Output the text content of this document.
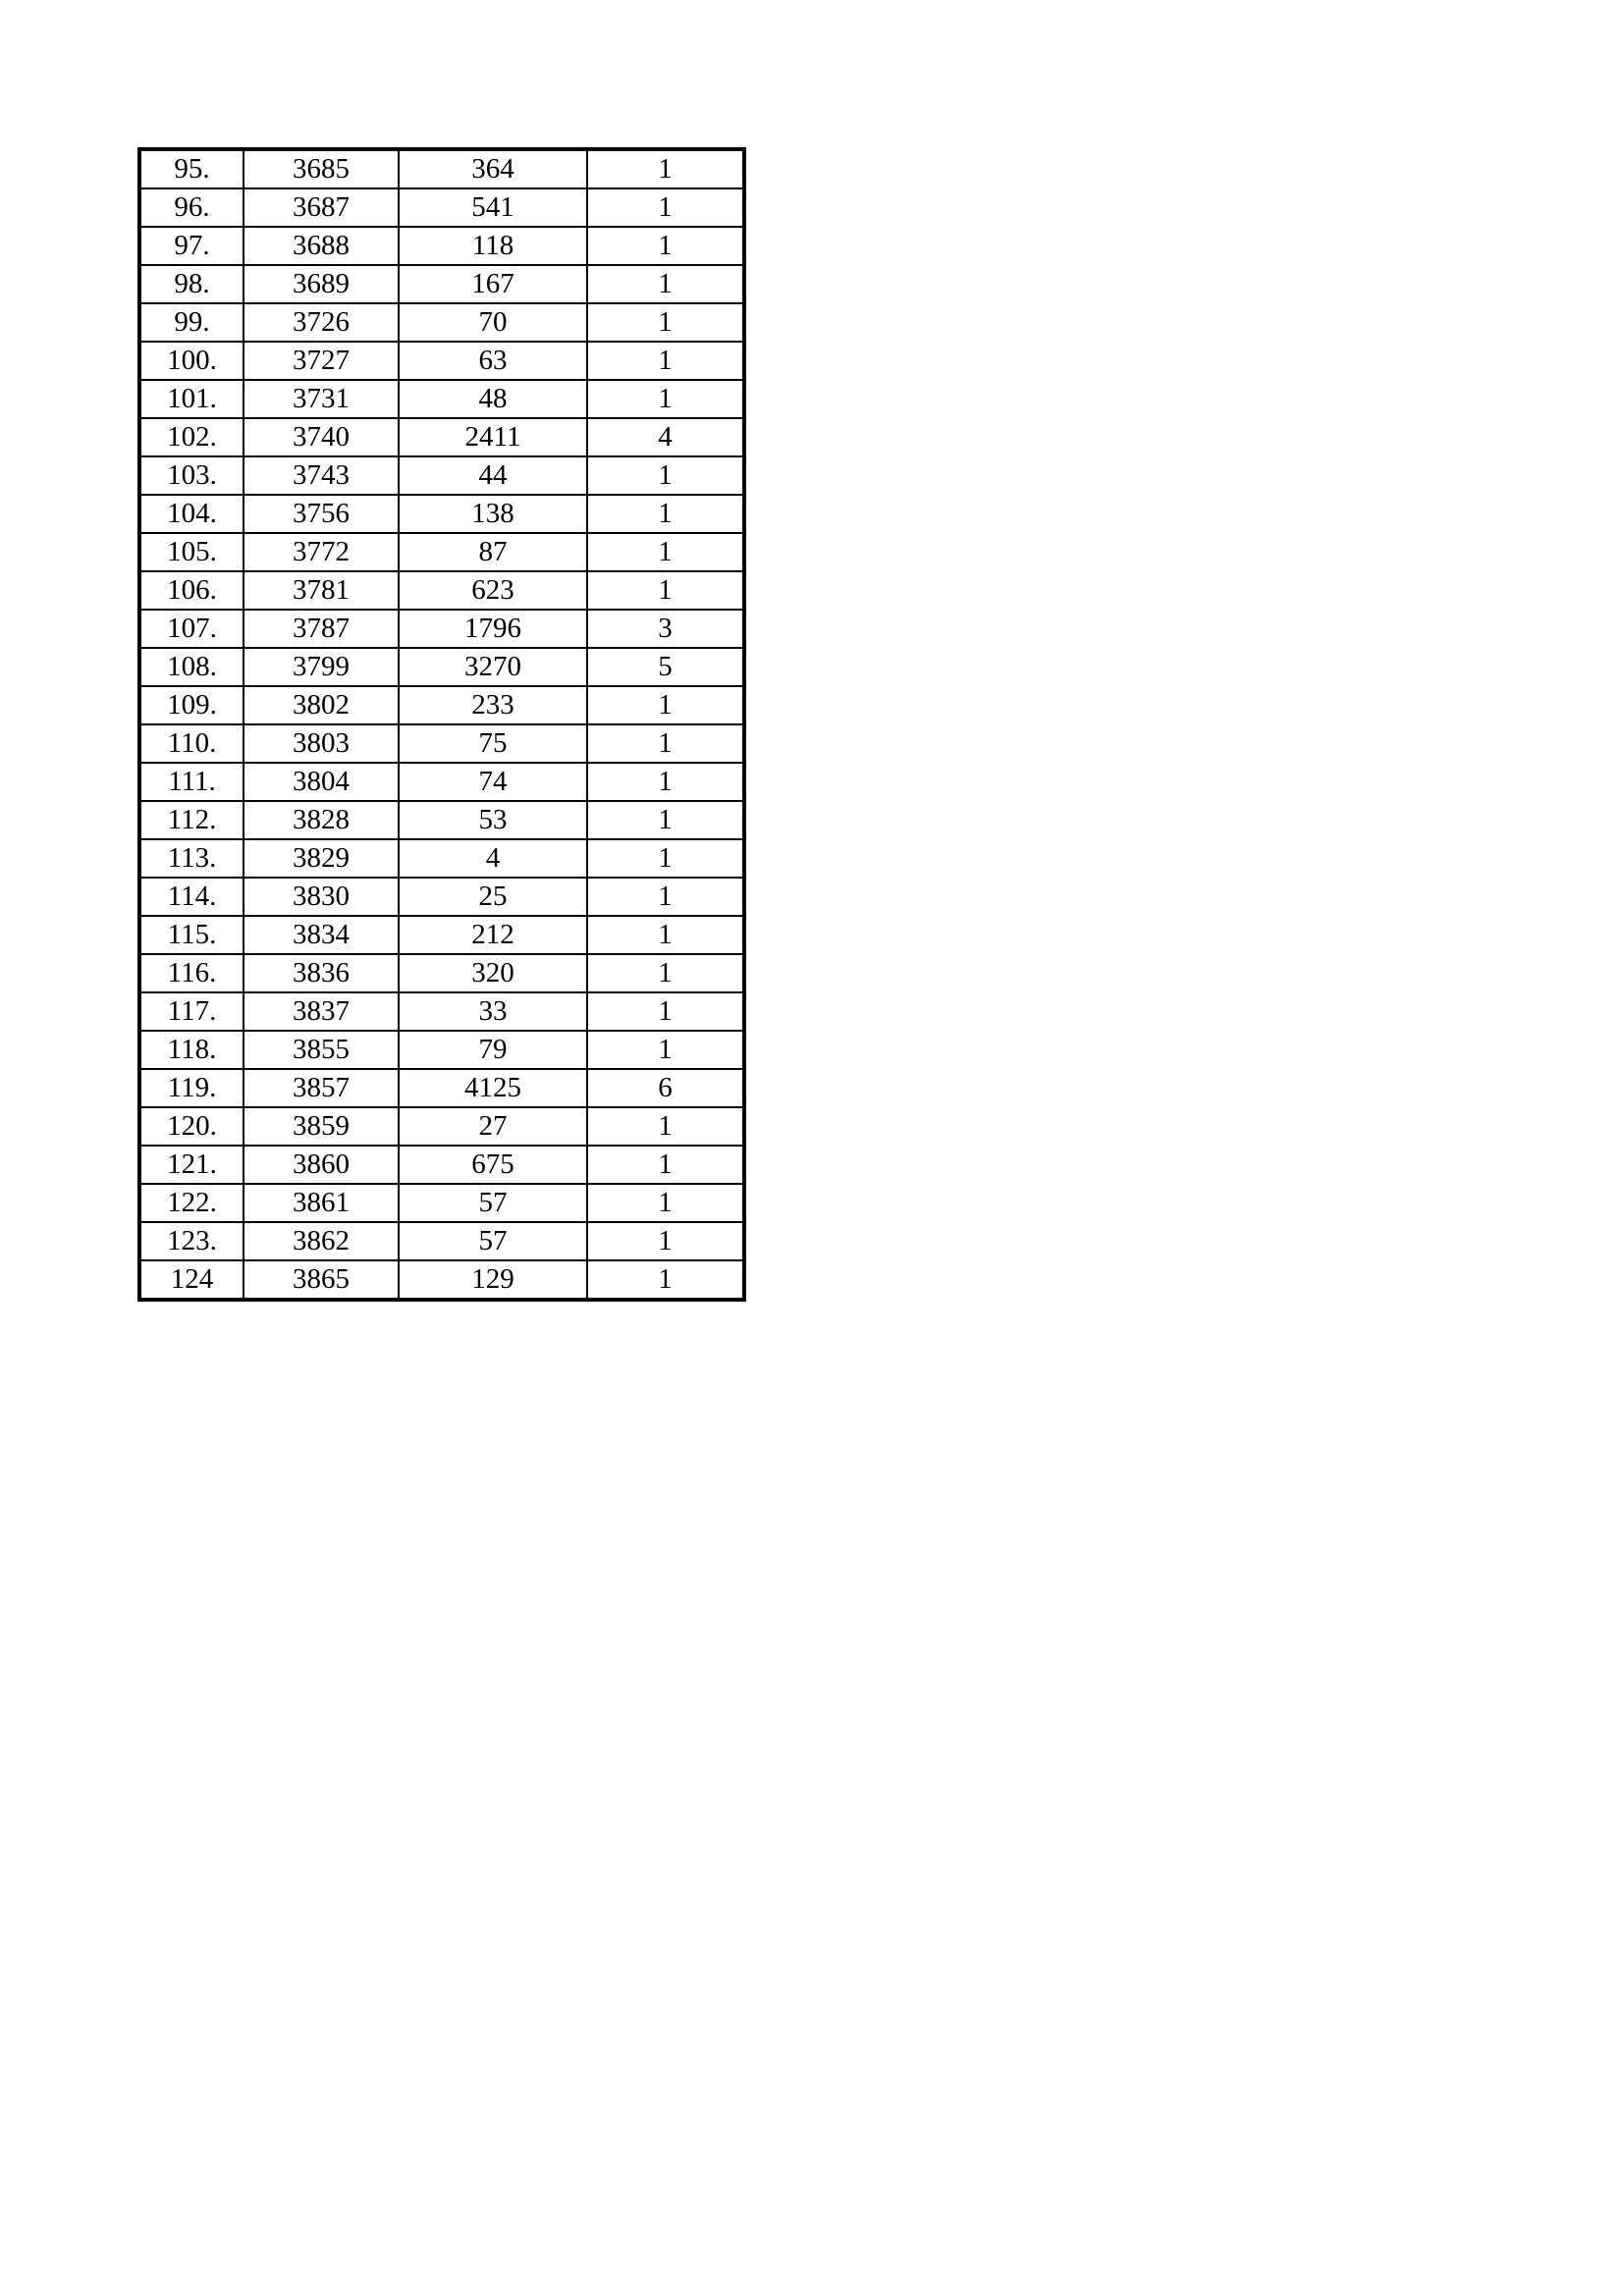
95.	3685	364	1
96.	3687	541	1
97.	3688	118	1
98.	3689	167	1
99.	3726	70	1
100.	3727	63	1
101.	3731	48	1
102.	3740	2411	4
103.	3743	44	1
104.	3756	138	1
105.	3772	87	1
106.	3781	623	1
107.	3787	1796	3
108.	3799	3270	5
109.	3802	233	1
110.	3803	75	1
111.	3804	74	1
112.	3828	53	1
113.	3829	4	1
114.	3830	25	1
115.	3834	212	1
116.	3836	320	1
117.	3837	33	1
118.	3855	79	1
119.	3857	4125	6
120.	3859	27	1
121.	3860	675	1
122.	3861	57	1
123.	3862	57	1
124	3865	129	1
